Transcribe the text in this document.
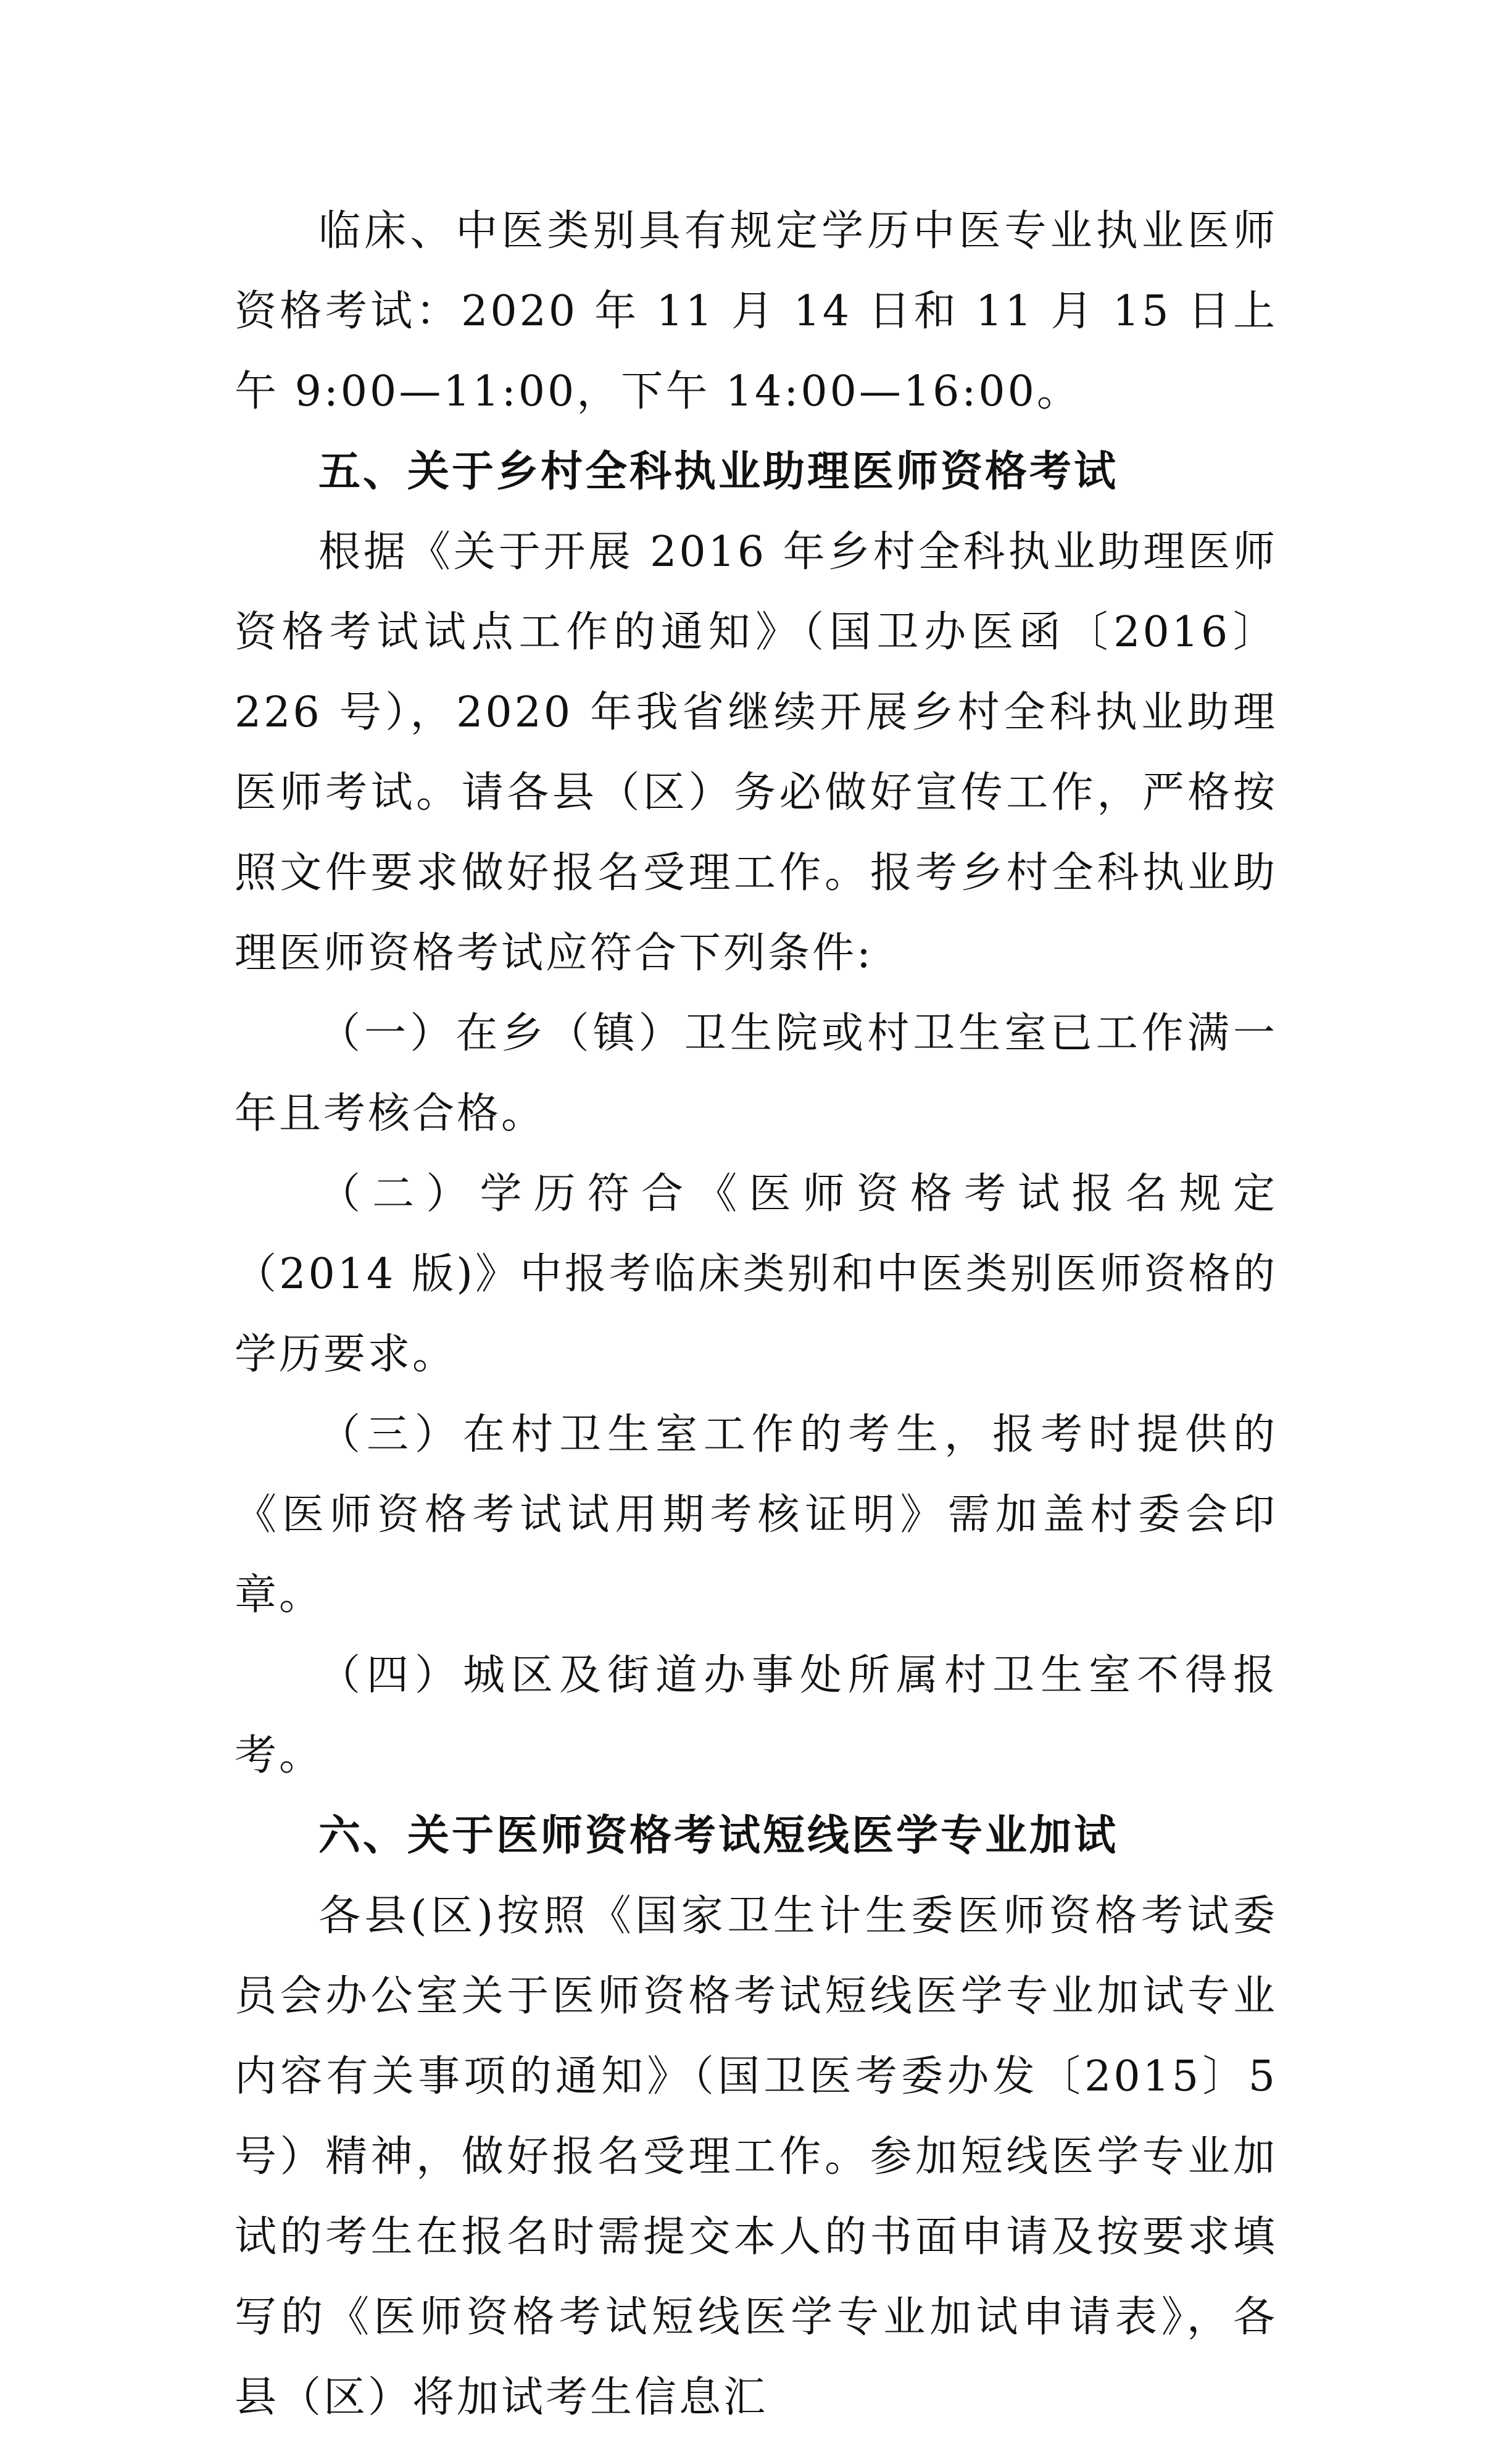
临床、中医类别具有规定学历中医专业执业医师资格考试：2020 年 11 月 14 日和 11 月 15 日上午 9:00—11:00，下午 14:00—16:00。

五、关于乡村全科执业助理医师资格考试

根据《关于开展 2016 年乡村全科执业助理医师资格考试试点工作的通知》（国卫办医函〔2016〕226 号），2020 年我省继续开展乡村全科执业助理医师考试。请各县（区）务必做好宣传工作，严格按照文件要求做好报名受理工作。报考乡村全科执业助理医师资格考试应符合下列条件:

（一）在乡（镇）卫生院或村卫生室已工作满一年且考核合格。

（二）学历符合《医师资格考试报名规定（2014 版)》中报考临床类别和中医类别医师资格的学历要求。

（三）在村卫生室工作的考生，报考时提供的《医师资格考试试用期考核证明》需加盖村委会印章。

（四）城区及街道办事处所属村卫生室不得报考。

六、关于医师资格考试短线医学专业加试

各县(区)按照《国家卫生计生委医师资格考试委员会办公室关于医师资格考试短线医学专业加试专业内容有关事项的通知》（国卫医考委办发〔2015〕5 号）精神，做好报名受理工作。参加短线医学专业加试的考生在报名时需提交本人的书面申请及按要求填写的《医师资格考试短线医学专业加试申请表》，各县（区）将加试考生信息汇
